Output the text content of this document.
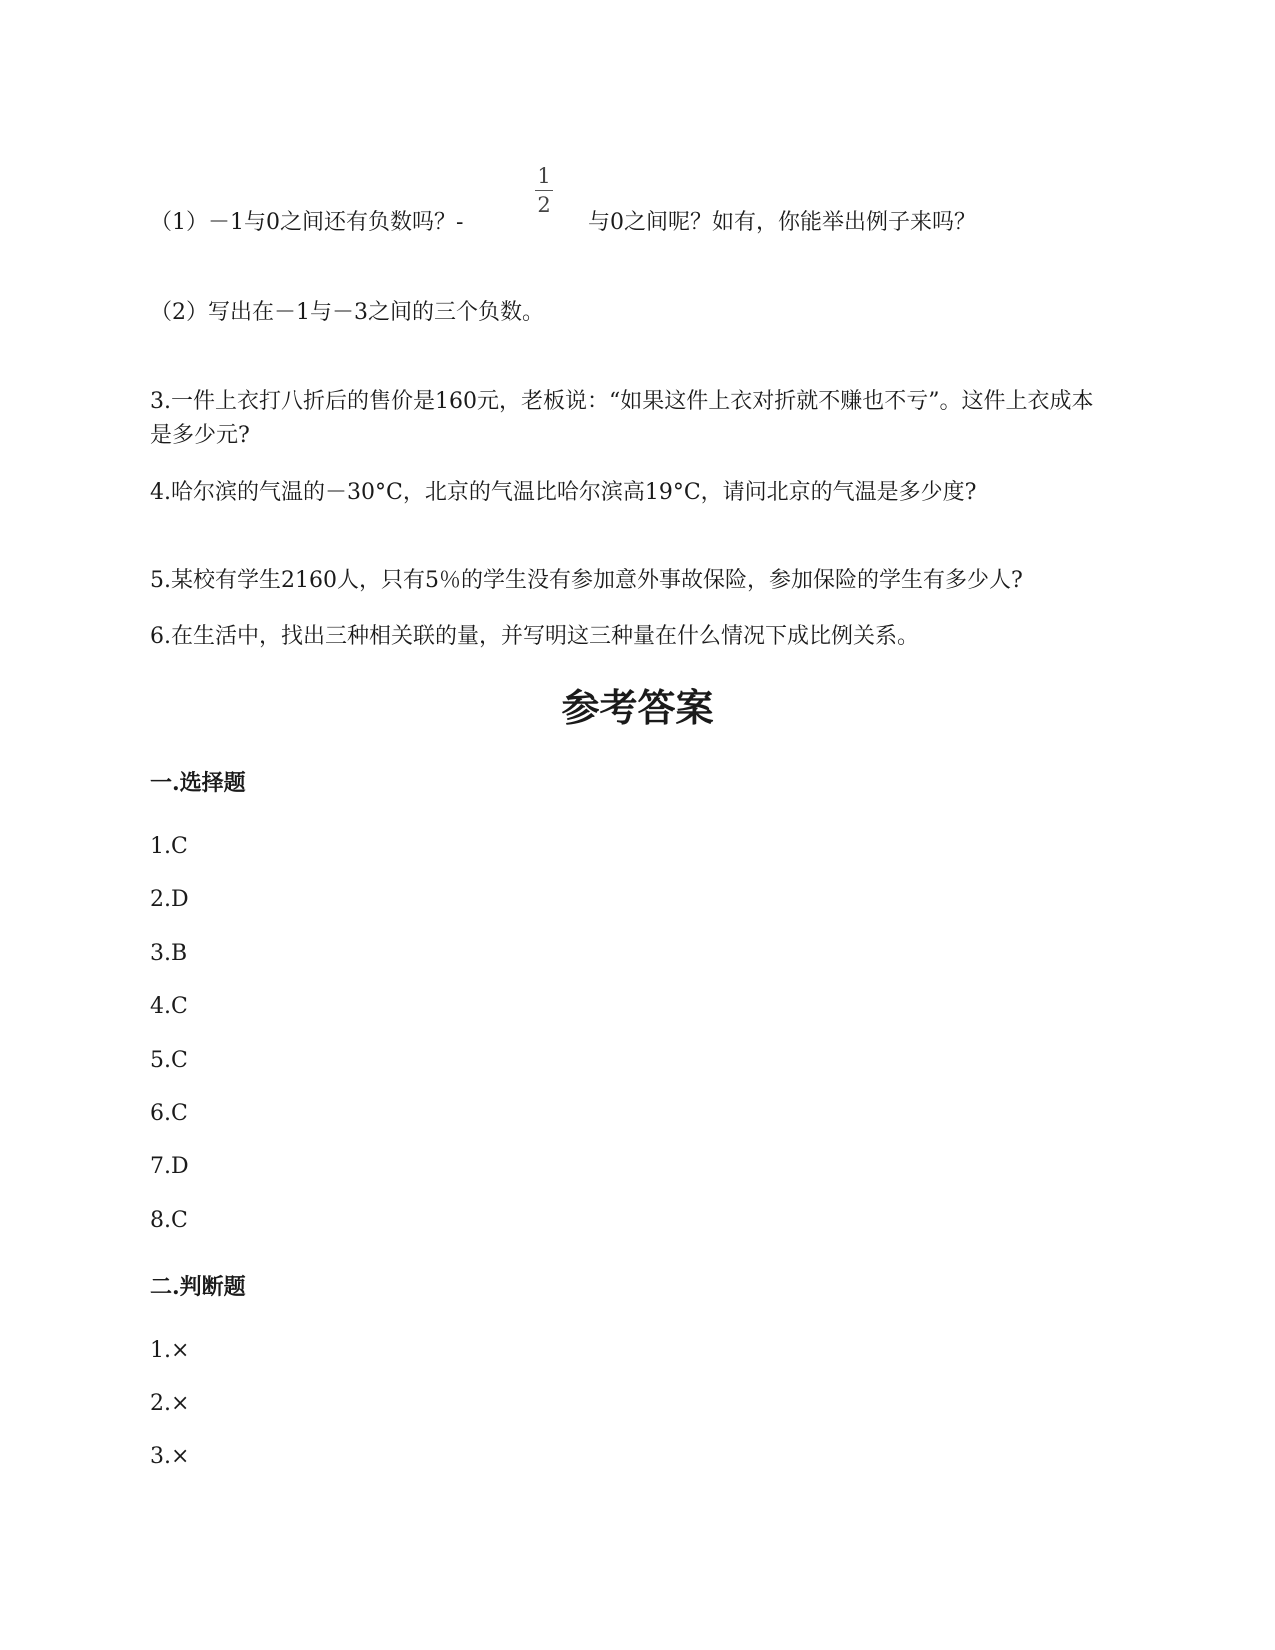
（1）－1与0之间还有负数吗？-
1
2
与0之间呢？如有，你能举出例子来吗？
（2）写出在－1与－3之间的三个负数。
3.一件上衣打八折后的售价是160元，老板说：“如果这件上衣对折就不赚也不亏”。这件上衣成本是多少元?
4.哈尔滨的气温的－30°C，北京的气温比哈尔滨高19°C，请问北京的气温是多少度?
5.某校有学生2160人，只有5％的学生没有参加意外事故保险，参加保险的学生有多少人?
6.在生活中，找出三种相关联的量，并写明这三种量在什么情况下成比例关系。
参考答案
一.选择题
1.C
2.D
3.B
4.C
5.C
6.C
7.D
8.C
二.判断题
1.×
2.×
3.×
